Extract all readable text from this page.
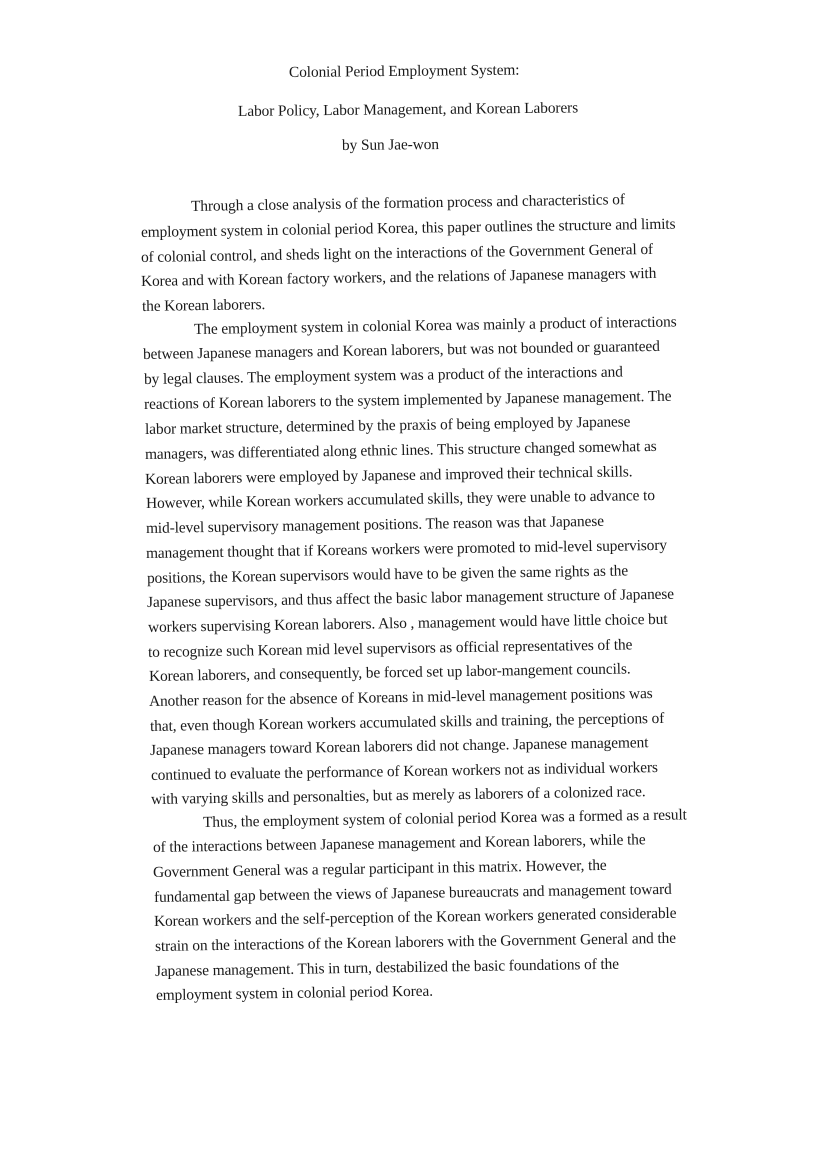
Colonial Period Employment System:
Labor Policy, Labor Management, and Korean Laborers
by Sun Jae-won
Through a close analysis of the formation process and characteristics of
employment system in colonial period Korea, this paper outlines the structure and limits
of colonial control, and sheds light on the interactions of the Government General of
Korea and with Korean factory workers, and the relations of Japanese managers with
the Korean laborers.
The employment system in colonial Korea was mainly a product of interactions
between Japanese managers and Korean laborers, but was not bounded or guaranteed
by legal clauses. The employment system was a product of the interactions and
reactions of Korean laborers to the system implemented by Japanese management. The
labor market structure, determined by the praxis of being employed by Japanese
managers, was differentiated along ethnic lines. This structure changed somewhat as
Korean laborers were employed by Japanese and improved their technical skills.
However, while Korean workers accumulated skills, they were unable to advance to
mid-level supervisory management positions. The reason was that Japanese
management thought that if Koreans workers were promoted to mid-level supervisory
positions, the Korean supervisors would have to be given the same rights as the
Japanese supervisors, and thus affect the basic labor management structure of Japanese
workers supervising Korean laborers. Also , management would have little choice but
to recognize such Korean mid level supervisors as official representatives of the
Korean laborers, and consequently, be forced set up labor-mangement councils.
Another reason for the absence of Koreans in mid-level management positions was
that, even though Korean workers accumulated skills and training, the perceptions of
Japanese managers toward Korean laborers did not change. Japanese management
continued to evaluate the performance of Korean workers not as individual workers
with varying skills and personalties, but as merely as laborers of a colonized race.
Thus, the employment system of colonial period Korea was a formed as a result
of the interactions between Japanese management and Korean laborers, while the
Government General was a regular participant in this matrix. However, the
fundamental gap between the views of Japanese bureaucrats and management toward
Korean workers and the self-perception of the Korean workers generated considerable
strain on the interactions of the Korean laborers with the Government General and the
Japanese management. This in turn, destabilized the basic foundations of the
employment system in colonial period Korea.
